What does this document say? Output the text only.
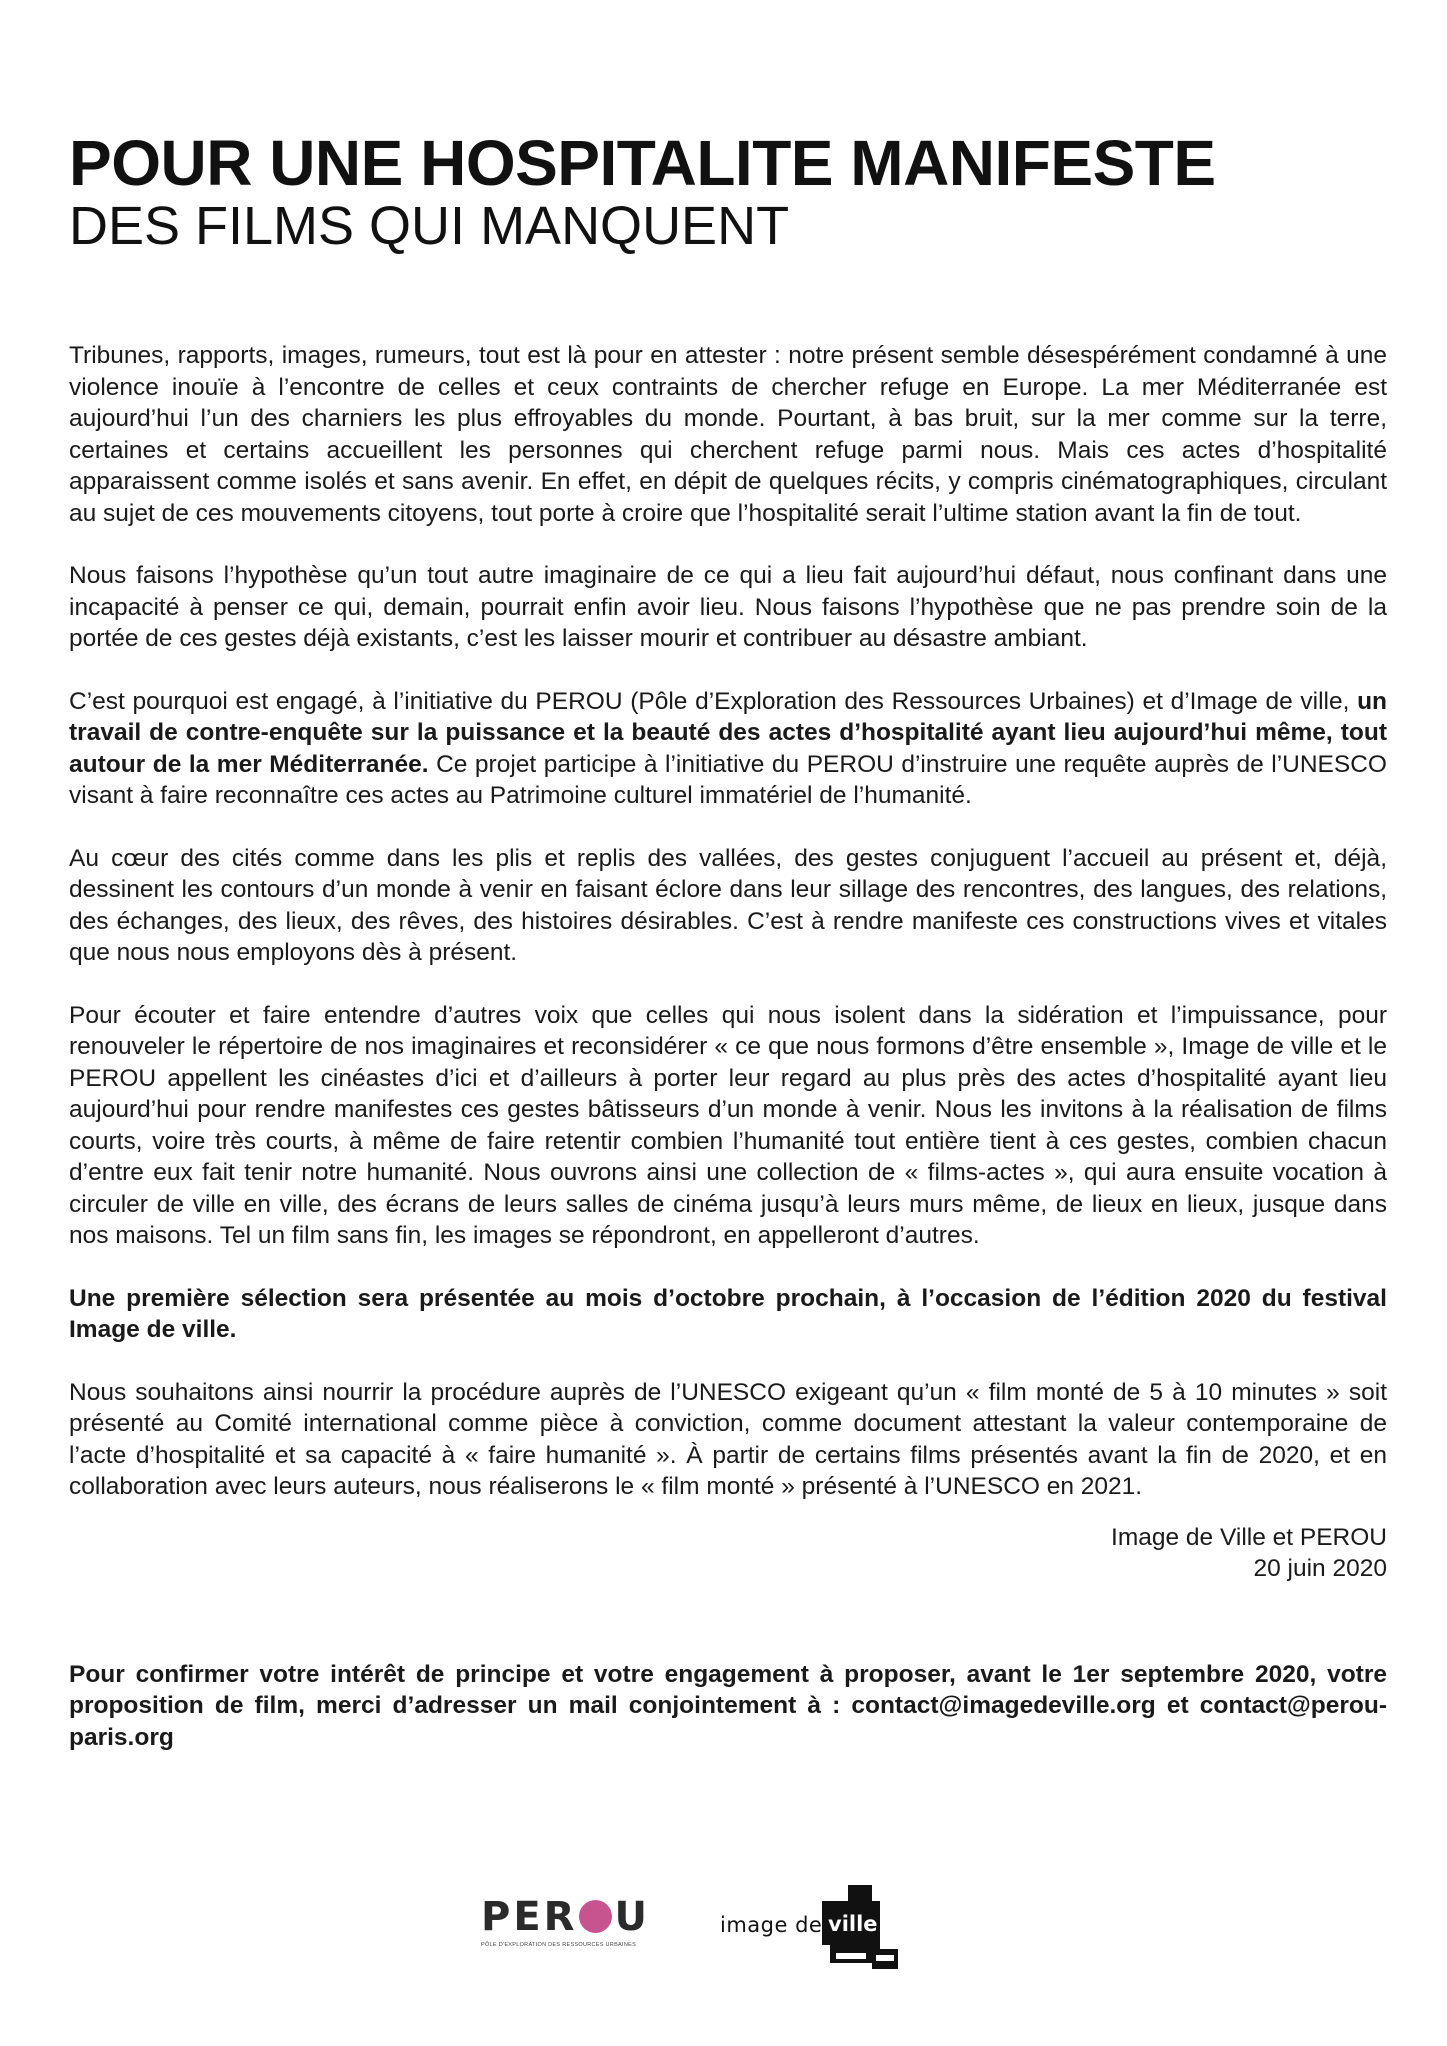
POUR UNE HOSPITALITE MANIFESTE
DES FILMS QUI MANQUENT

Tribunes, rapports, images, rumeurs, tout est là pour en attester : notre présent semble désespérément condamné à une violence inouïe à l’encontre de celles et ceux contraints de chercher refuge en Europe. La mer Méditerranée est aujourd’hui l’un des charniers les plus effroyables du monde. Pourtant, à bas bruit, sur la mer comme sur la terre, certaines et certains accueillent les personnes qui cherchent refuge parmi nous. Mais ces actes d’hospitalité apparaissent comme isolés et sans avenir. En effet, en dépit de quelques récits, y compris cinématographiques, circulant au sujet de ces mouvements citoyens, tout porte à croire que l’hospitalité serait l’ultime station avant la fin de tout.

Nous faisons l’hypothèse qu’un tout autre imaginaire de ce qui a lieu fait aujourd’hui défaut, nous confinant dans une incapacité à penser ce qui, demain, pourrait enfin avoir lieu. Nous faisons l’hypothèse que ne pas prendre soin de la portée de ces gestes déjà existants, c’est les laisser mourir et contribuer au désastre ambiant.

C’est pourquoi est engagé, à l’initiative du PEROU (Pôle d’Exploration des Ressources Urbaines) et d’Image de ville, un travail de contre-enquête sur la puissance et la beauté des actes d’hospitalité ayant lieu aujourd’hui même, tout autour de la mer Méditerranée. Ce projet participe à l’initiative du PEROU d’instruire une requête auprès de l’UNESCO visant à faire reconnaître ces actes au Patrimoine culturel immatériel de l’humanité.

Au cœur des cités comme dans les plis et replis des vallées, des gestes conjuguent l’accueil au présent et, déjà, dessinent les contours d’un monde à venir en faisant éclore dans leur sillage des rencontres, des langues, des relations, des échanges, des lieux, des rêves, des histoires désirables. C’est à rendre manifeste ces constructions vives et vitales que nous nous employons dès à présent.

Pour écouter et faire entendre d’autres voix que celles qui nous isolent dans la sidération et l’impuissance, pour renouveler le répertoire de nos imaginaires et reconsidérer « ce que nous formons d’être ensemble », Image de ville et le PEROU appellent les cinéastes d’ici et d’ailleurs à porter leur regard au plus près des actes d’hospitalité ayant lieu aujourd’hui pour rendre manifestes ces gestes bâtisseurs d’un monde à venir. Nous les invitons à la réalisation de films courts, voire très courts, à même de faire retentir combien l’humanité tout entière tient à ces gestes, combien chacun d’entre eux fait tenir notre humanité. Nous ouvrons ainsi une collection de « films-actes », qui aura ensuite vocation à circuler de ville en ville, des écrans de leurs salles de cinéma jusqu’à leurs murs même, de lieux en lieux, jusque dans nos maisons. Tel un film sans fin, les images se répondront, en appelleront d’autres.

Une première sélection sera présentée au mois d’octobre prochain, à l’occasion de l’édition 2020 du festival Image de ville.

Nous souhaitons ainsi nourrir la procédure auprès de l’UNESCO exigeant qu’un « film monté de 5 à 10 minutes » soit présenté au Comité international comme pièce à conviction, comme document attestant la valeur contemporaine de l’acte d’hospitalité et sa capacité à « faire humanité ». À partir de certains films présentés avant la fin de 2020, et en collaboration avec leurs auteurs, nous réaliserons le « film monté » présenté à l’UNESCO en 2021.

Image de Ville et PEROU
20 juin 2020
Pour confirmer votre intérêt de principe et votre engagement à proposer, avant le 1er septembre 2020, votre proposition de film, merci d’adresser un mail conjointement à : contact@imagedeville.org et contact@perou-paris.org
PER U
PÔLE D'EXPLORATION DES RESSOURCES URBAINES
image de ville
